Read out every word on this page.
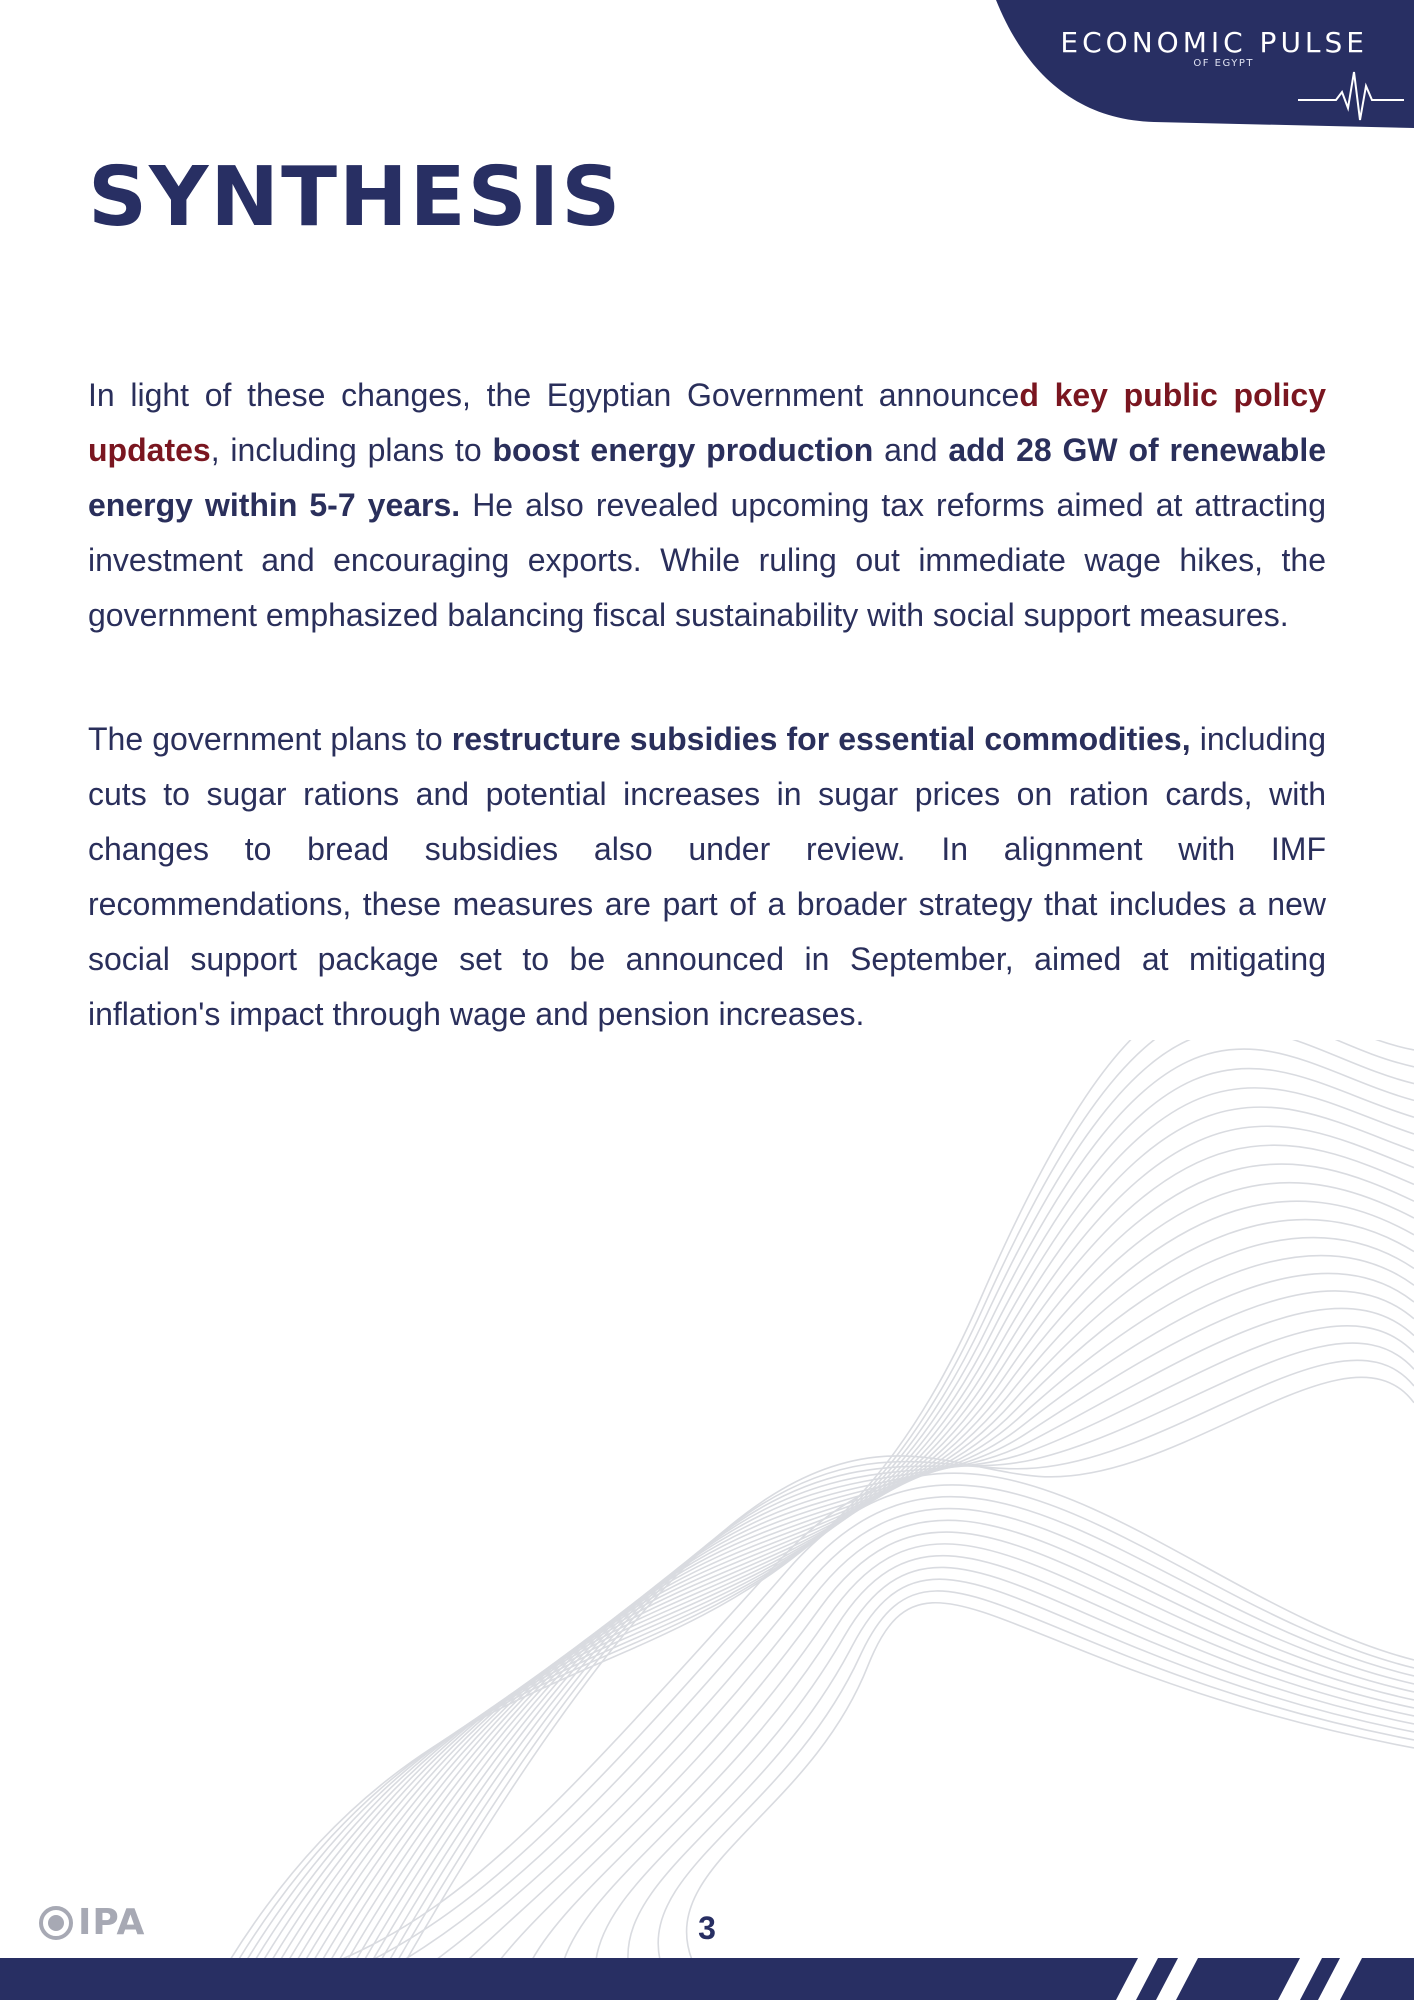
ECONOMIC PULSE
OF EGYPT
SYNTHESIS
In light of these changes, the Egyptian Government announced key public policy updates, including plans to boost energy production and add 28 GW of renewable energy within 5-7 years. He also revealed upcoming tax reforms aimed at attracting investment and encouraging exports. While ruling out immediate wage hikes, the government emphasized balancing fiscal sustainability with social support measures.
The government plans to restructure subsidies for essential commodities, including cuts to sugar rations and potential increases in sugar prices on ration cards, with changes to bread subsidies also under review. In alignment with IMF recommendations, these measures are part of a broader strategy that includes a new social support package set to be announced in September, aimed at mitigating inflation's impact through wage and pension increases.
IPA	3
